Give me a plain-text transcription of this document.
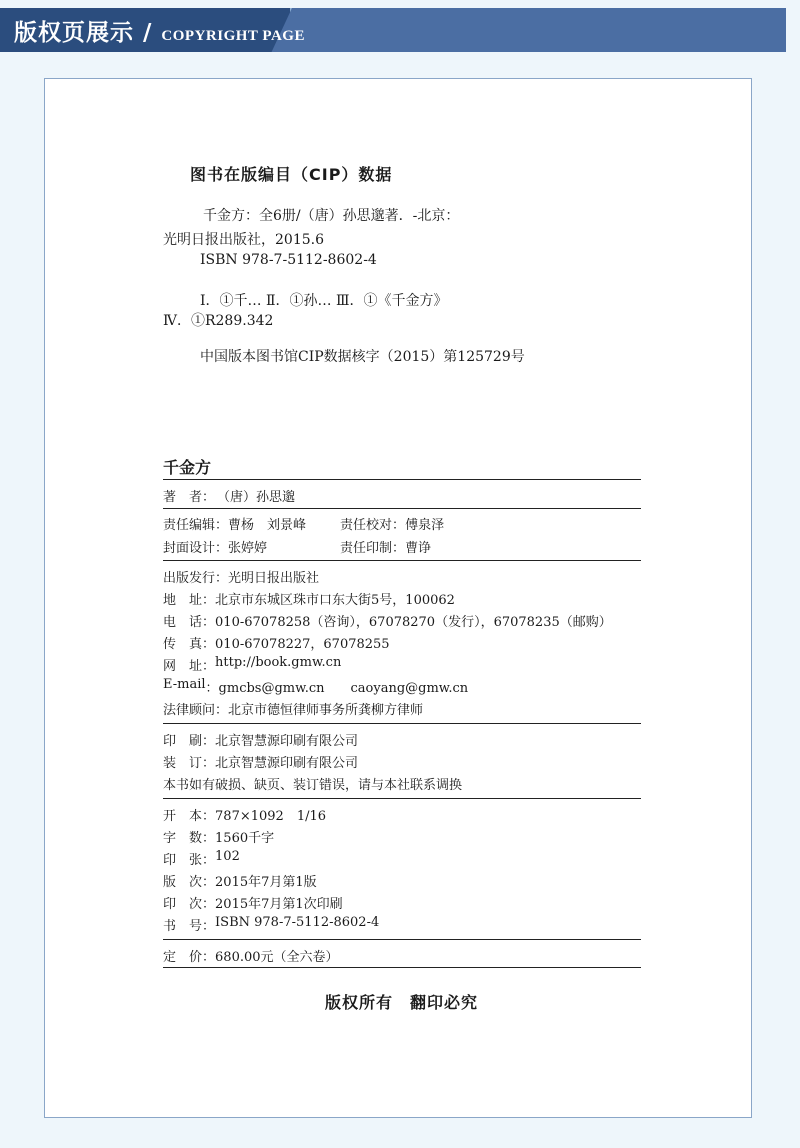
版权页展示 / COPYRIGHT PAGE
图书在版编目（CIP）数据
千金方：全6册/（唐）孙思邈著．-北京：
光明日报出版社，2015.6
ISBN 978-7-5112-8602-4
Ⅰ．①千… Ⅱ．①孙… Ⅲ．①《千金方》
Ⅳ．①R289.342
中国版本图书馆CIP数据核字（2015）第125729号
千金方
著　者 ： （唐）孙思邈
责任编辑 ： 曹杨　刘景峰	责任校对 ： 傅泉泽
封面设计 ： 张婷婷	责任印制 ： 曹诤
出版发行 ： 光明日报出版社
地　址 ： 北京市东城区珠市口东大街5号，100062
电　话 ： 010-67078258（咨询），67078270（发行），67078235（邮购）
传　真 ： 010-67078227，67078255
网　址 ： http://book.gmw.cn
E-mail ： gmcbs@gmw.cn　　caoyang@gmw.cn
法律顾问 ： 北京市德恒律师事务所龚柳方律师
印　刷 ： 北京智慧源印刷有限公司
装　订 ： 北京智慧源印刷有限公司
本书如有破损、缺页、装订错误，请与本社联系调换
开　本 ： 787×1092　1/16
字　数 ： 1560千字
印　张 ： 102
版　次 ： 2015年7月第1版
印　次 ： 2015年7月第1次印刷
书　号 ： ISBN 978-7-5112-8602-4
定　价 ： 680.00元（全六卷）
版权所有　翻印必究
